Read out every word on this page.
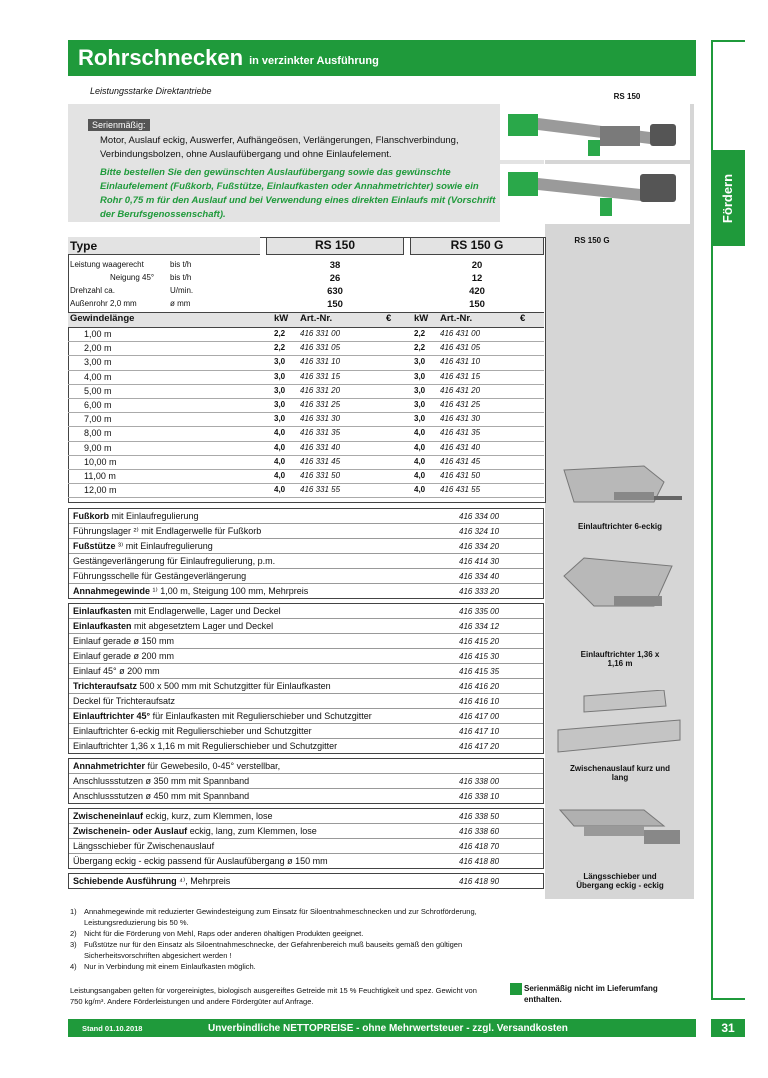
Rohrschnecken in verzinkter Ausführung
Fördern
Leistungsstarke Direktantriebe
Serienmäßig:
Motor, Auslauf eckig, Auswerfer, Aufhängeösen, Verlängerungen, Flanschverbindung, Verbindungsbolzen, ohne Auslaufübergang und ohne Einlaufelement.
Bitte bestellen Sie den gewünschten Auslaufübergang sowie das gewünschte Einlaufelement (Fußkorb, Fußstütze, Einlaufkasten oder Annahmetrichter) sowie ein Rohr 0,75 m für den Auslauf und bei Verwendung eines direkten Einlaufs mit (Vorschrift der Berufsgenossenschaft).
RS 150
RS 150 G
Einlauftrichter 6-eckig
Einlauftrichter 1,36 x 1,16 m
Zwischenauslauf kurz und lang
Längsschieber und Übergang eckig - eckig
Type	RS 150	RS 150 G
Leistung waagerecht	bis t/h	38	20
Neigung 45° bis t/h	26	12
Drehzahl ca.	U/min.	630	420
Außenrohr 2,0 mm	ø mm	150	150
Gewindelänge	kW Art.-Nr.	€ kW Art.-Nr.	€
1,00 m	2,2 416 331 00	2,2 416 431 00
2,00 m	2,2 416 331 05	2,2 416 431 05
3,00 m	3,0 416 331 10	3,0 416 431 10
4,00 m	3,0 416 331 15	3,0 416 431 15
5,00 m	3,0 416 331 20	3,0 416 431 20
6,00 m	3,0 416 331 25	3,0 416 431 25
7,00 m	3,0 416 331 30	3,0 416 431 30
8,00 m	4,0 416 331 35	4,0 416 431 35
9,00 m	4,0 416 331 40	4,0 416 431 40
10,00 m	4,0 416 331 45	4,0 416 431 45
11,00 m	4,0 416 331 50	4,0 416 431 50
12,00 m	4,0 416 331 55	4,0 416 431 55
Fußkorb mit Einlaufregulierung	416 334 00
Führungslager ²⁾ mit Endlagerwelle für Fußkorb	416 324 10
Fußstütze ³⁾ mit Einlaufregulierung	416 334 20
Gestängeverlängerung für Einlaufregulierung, p.m.	416 414 30
Führungsschelle für Gestängeverlängerung	416 334 40
Annahmegewinde ¹⁾ 1,00 m, Steigung 100 mm, Mehrpreis	416 333 20
Einlaufkasten mit Endlagerwelle, Lager und Deckel	416 335 00
Einlaufkasten mit abgesetztem Lager und Deckel	416 334 12
Einlauf gerade ø 150 mm	416 415 20
Einlauf gerade ø 200 mm	416 415 30
Einlauf 45° ø 200 mm	416 415 35
Trichteraufsatz 500 x 500 mm mit Schutzgitter für Einlaufkasten	416 416 20
Deckel für Trichteraufsatz	416 416 10
Einlauftrichter 45° für Einlaufkasten mit Regulierschieber und Schutzgitter	416 417 00
Einlauftrichter 6-eckig mit Regulierschieber und Schutzgitter	416 417 10
Einlauftrichter 1,36 x 1,16 m mit Regulierschieber und Schutzgitter	416 417 20
Annahmetrichter für Gewebesilo, 0-45° verstellbar,
Anschlussstutzen ø 350 mm mit Spannband	416 338 00
Anschlussstutzen ø 450 mm mit Spannband	416 338 10
Zwischeneinlauf eckig, kurz, zum Klemmen, lose	416 338 50
Zwischenein- oder Auslauf eckig, lang, zum Klemmen, lose	416 338 60
Längsschieber für Zwischenauslauf	416 418 70
Übergang eckig - eckig passend für Auslaufübergang ø 150 mm	416 418 80
Schiebende Ausführung ⁴⁾, Mehrpreis	416 418 90
1) Annahmegewinde mit reduzierter Gewindesteigung zum Einsatz für Siloentnahmeschnecken und zur Schrotförderung, Leistungsreduzierung bis 50 %.
2) Nicht für die Förderung von Mehl, Raps oder anderen öhaltigen Produkten geeignet.
3) Fußstütze nur für den Einsatz als Siloentnahmeschnecke, der Gefahrenbereich muß bauseits gemäß den gültigen Sicherheitsvorschriften abgesichert werden !
4) Nur in Verbindung mit einem Einlaufkasten möglich.
Leistungsangaben gelten für vorgereinigtes, biologisch ausgereiftes Getreide mit 15 % Feuchtigkeit und spez. Gewicht von 750 kg/m³. Andere Förderleistungen und andere Fördergüter auf Anfrage.
Serienmäßig nicht im Lieferumfang enthalten.
Stand 01.10.2018	Unverbindliche NETTOPREISE - ohne Mehrwertsteuer - zzgl. Versandkosten	31
